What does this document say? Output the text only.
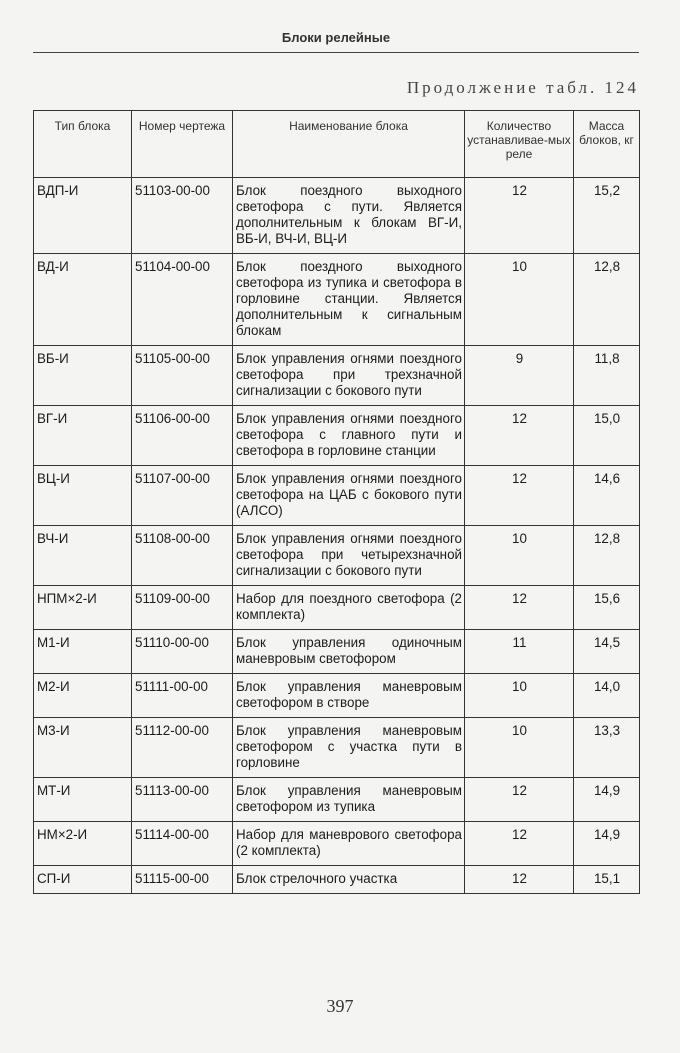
Блоки релейные
Продолжение табл. 124
Тип блока	Номер чертежа	Наименование блока	Количество устанавливае-мых реле	Масса блоков, кг
ВДП-И	51103-00-00	Блок поездного выходного светофора с пути. Является дополнительным к блокам ВГ-И, ВБ-И, ВЧ-И, ВЦ-И	12	15,2
ВД-И	51104-00-00	Блок поездного выходного светофора из тупика и светофора в горловине станции. Является дополнительным к сигнальным блокам	10	12,8
ВБ-И	51105-00-00	Блок управления огнями поездного светофора при трехзначной сигнализации с бокового пути	9	11,8
ВГ-И	51106-00-00	Блок управления огнями поездного светофора с главного пути и светофора в горловине станции	12	15,0
ВЦ-И	51107-00-00	Блок управления огнями поездного светофора на ЦАБ с бокового пути (АЛСО)	12	14,6
ВЧ-И	51108-00-00	Блок управления огнями поездного светофора при четырехзначной сигнализации с бокового пути	10	12,8
НПМ×2-И	51109-00-00	Набор для поездного светофора (2 комплекта)	12	15,6
М1-И	51110-00-00	Блок управления одиночным маневровым светофором	11	14,5
М2-И	51111-00-00	Блок управления маневровым светофором в створе	10	14,0
М3-И	51112-00-00	Блок управления маневровым светофором с участка пути в горловине	10	13,3
МТ-И	51113-00-00	Блок управления маневровым светофором из тупика	12	14,9
НМ×2-И	51114-00-00	Набор для маневрового светофора (2 комплекта)	12	14,9
СП-И	51115-00-00	Блок стрелочного участка	12	15,1
397
